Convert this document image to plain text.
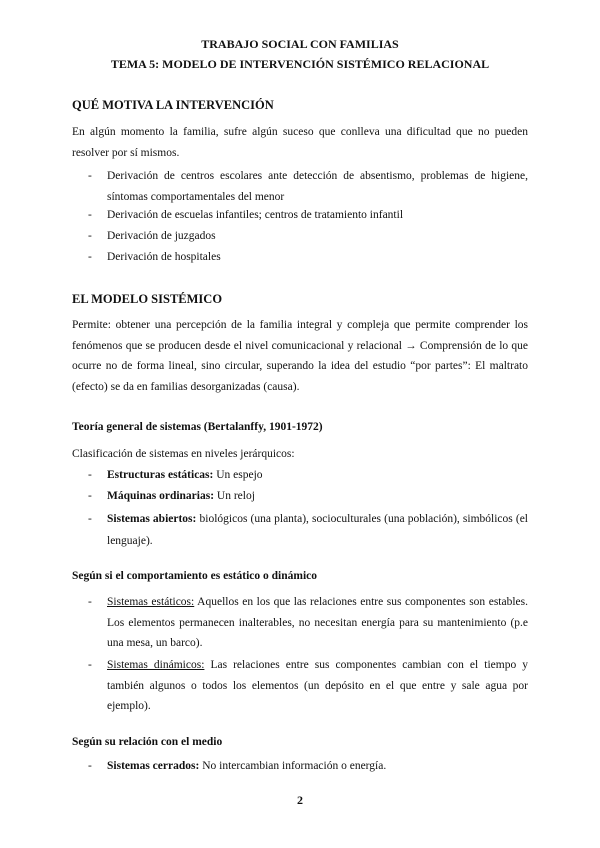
TRABAJO SOCIAL CON FAMILIAS
TEMA 5: MODELO DE INTERVENCIÓN SISTÉMICO RELACIONAL
QUÉ MOTIVA LA INTERVENCIÓN
En algún momento la familia, sufre algún suceso que conlleva una dificultad que no pueden resolver por sí mismos.
- Derivación de centros escolares ante detección de absentismo, problemas de higiene, síntomas comportamentales del menor
- Derivación de escuelas infantiles; centros de tratamiento infantil
- Derivación de juzgados
- Derivación de hospitales
EL MODELO SISTÉMICO
Permite: obtener una percepción de la familia integral y compleja que permite comprender los fenómenos que se producen desde el nivel comunicacional y relacional → Comprensión de lo que ocurre no de forma lineal, sino circular, superando la idea del estudio “por partes”: El maltrato (efecto) se da en familias desorganizadas (causa).
Teoría general de sistemas (Bertalanffy, 1901-1972)
Clasificación de sistemas en niveles jerárquicos:
- Estructuras estáticas: Un espejo
- Máquinas ordinarias: Un reloj
- Sistemas abiertos: biológicos (una planta), socioculturales (una población), simbólicos (el lenguaje).
Según si el comportamiento es estático o dinámico
- Sistemas estáticos: Aquellos en los que las relaciones entre sus componentes son estables. Los elementos permanecen inalterables, no necesitan energía para su mantenimiento (p.e una mesa, un barco).
- Sistemas dinámicos: Las relaciones entre sus componentes cambian con el tiempo y también algunos o todos los elementos (un depósito en el que entre y sale agua por ejemplo).
Según su relación con el medio
- Sistemas cerrados: No intercambian información o energía.
2
